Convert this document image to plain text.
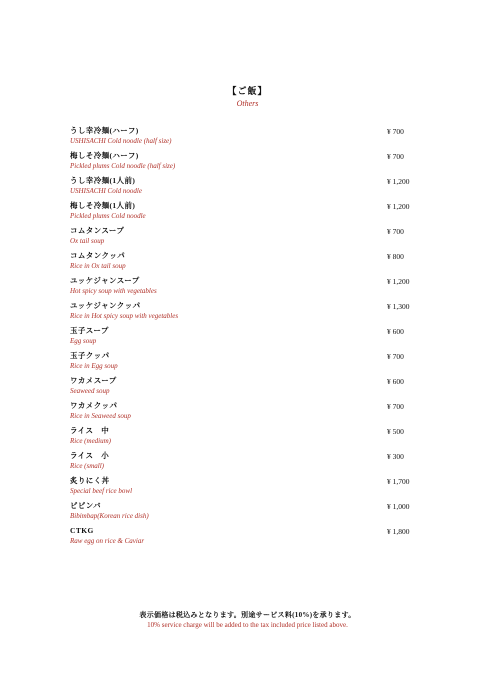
【ご飯】
Others
うし幸冷麺(ハーフ)
USHISACHI Cold noodle (half size)
¥ 700
梅しそ冷麺(ハーフ)
Pickled plums Cold noodle (half size)
¥ 700
うし幸冷麺(1人前)
USHISACHI Cold noodle
¥ 1,200
梅しそ冷麺(1人前)
Pickled plums Cold noodle
¥ 1,200
コムタンスープ
Ox tail soup
¥ 700
コムタンクッパ
Rice in Ox tail soup
¥ 800
ユッケジャンスープ
Hot spicy soup with vegetables
¥ 1,200
ユッケジャンクッパ
Rice in Hot spicy soup with vegetables
¥ 1,300
玉子スープ
Egg soup
¥ 600
玉子クッパ
Rice in Egg soup
¥ 700
ワカメスープ
Seaweed soup
¥ 600
ワカメクッパ
Rice in Seaweed soup
¥ 700
ライス　中
Rice (medium)
¥ 500
ライス　小
Rice (small)
¥ 300
炙りにく丼
Special beef rice bowl
¥ 1,700
ビビンバ
Bibimbap(Korean rice dish)
¥ 1,000
CTKG
Raw egg on rice & Caviar
¥ 1,800
表示価格は税込みとなります。別途サービス料(10%)を承ります。
10% service charge will be added to the tax included price listed above.
